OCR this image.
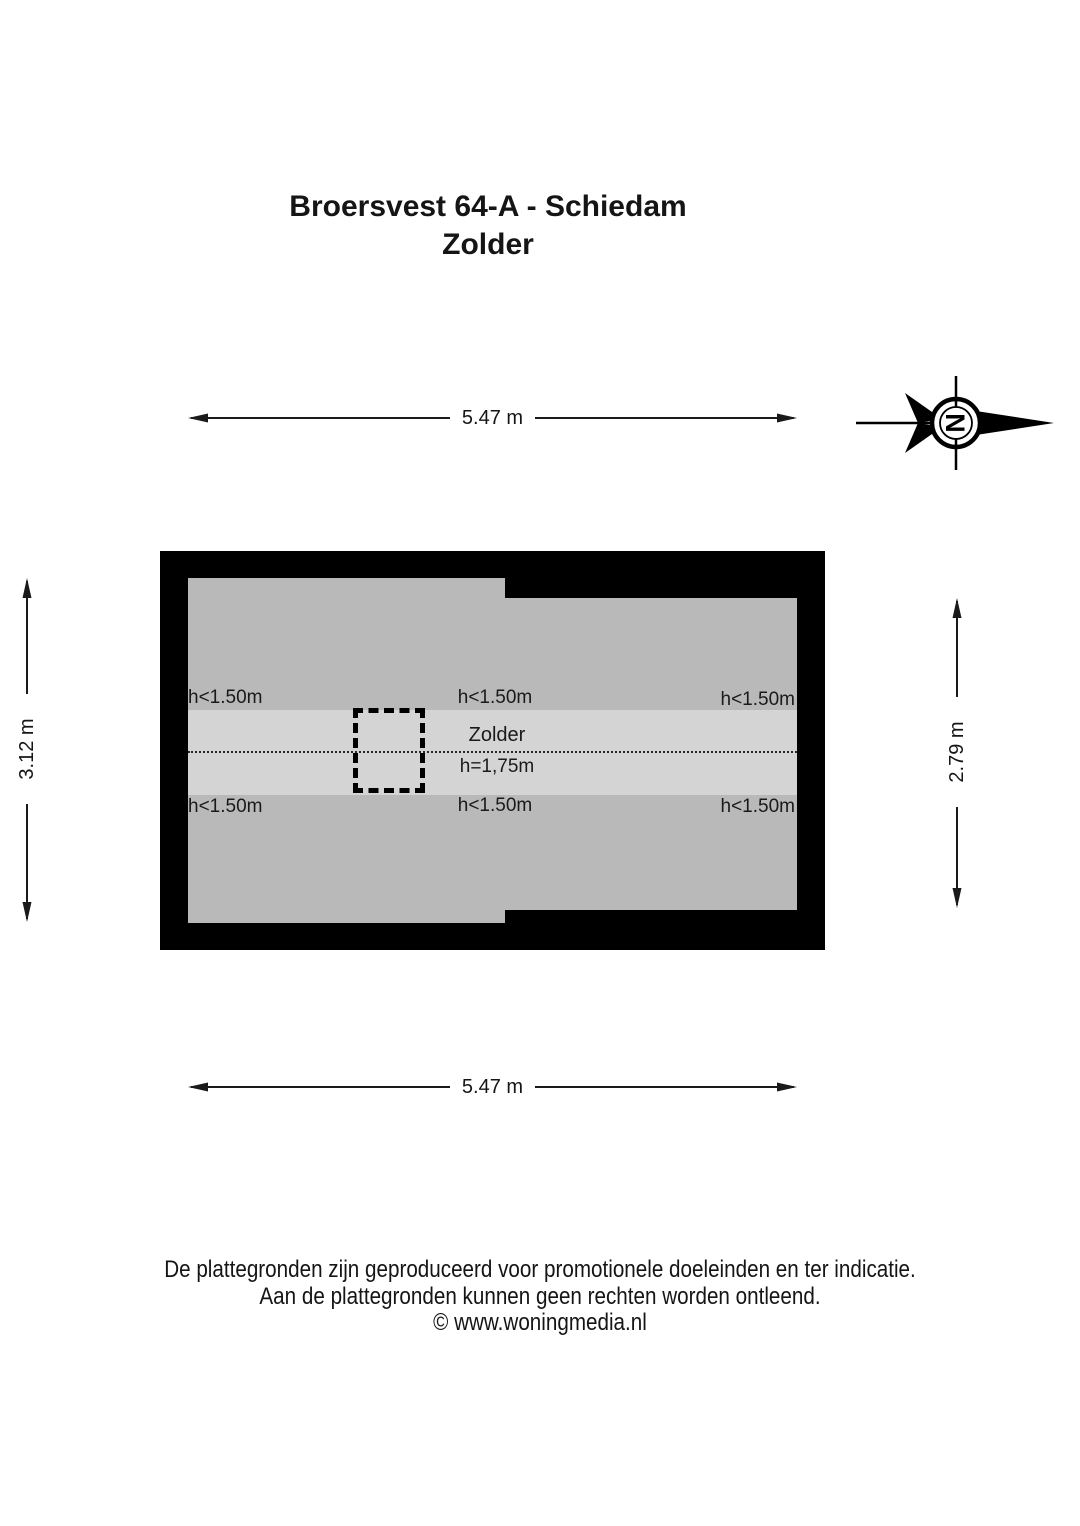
Broersvest 64-A - Schiedam
Zolder
N
5.47 m
5.47 m
3.12 m	2.79 m
h<1.50m	h<1.50m	h<1.50m
h<1.50m	h<1.50m	h<1.50m
Zolder
h=1,75m
De plattegronden zijn geproduceerd voor promotionele doeleinden en ter indicatie.
Aan de plattegronden kunnen geen rechten worden ontleend.
© www.woningmedia.nl
